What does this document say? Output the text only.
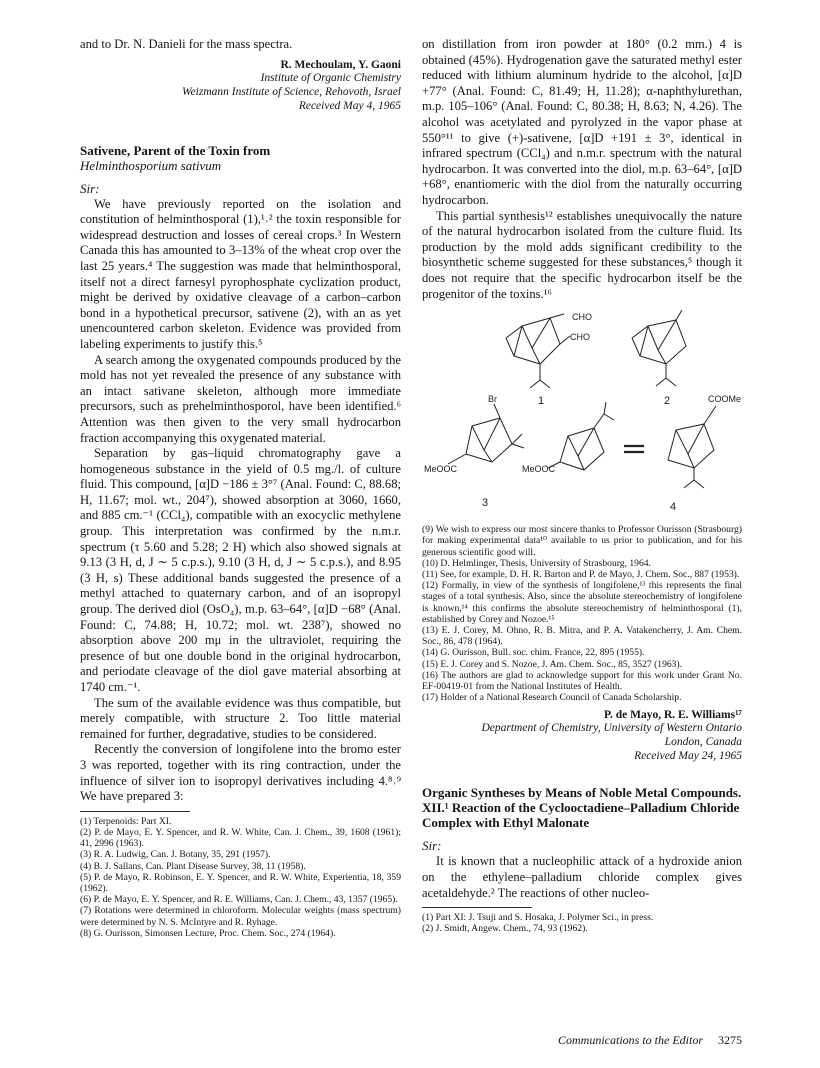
and to Dr. N. Danieli for the mass spectra.

R. Mechoulam, Y. Gaoni

Institute of Organic Chemistry

Weizmann Institute of Science, Rehovoth, Israel

Received May 4, 1965

Sativene, Parent of the Toxin from

Helminthosporium sativum

Sir:

We have previously reported on the isolation and constitution of helminthosporal (1),¹˒² the toxin responsible for widespread destruction and losses of cereal crops.³ In Western Canada this has amounted to 3–13% of the wheat crop over the last 25 years.⁴ The suggestion was made that helminthosporal, itself not a direct farnesyl pyrophosphate cyclization product, might be derived by oxidative cleavage of a carbon–carbon bond in a hypothetical precursor, sativene (2), with an as yet unencountered carbon skeleton. Evidence was provided from labeling experiments to justify this.⁵

A search among the oxygenated compounds produced by the mold has not yet revealed the presence of any substance with an intact sativane skeleton, although more immediate precursors, such as prehelminthosporol, have been identified.⁶ Attention was then given to the very small hydrocarbon fraction accompanying this oxygenated material.

Separation by gas–liquid chromatography gave a homogeneous substance in the yield of 0.5 mg./l. of culture fluid. This compound, [α]D −186 ± 3°⁷ (Anal. Found: C, 88.68; H, 11.67; mol. wt., 204⁷), showed absorption at 3060, 1660, and 885 cm.⁻¹ (CCl₄), compatible with an exocyclic methylene group. This interpretation was confirmed by the n.m.r. spectrum (τ 5.60 and 5.28; 2 H) which also showed signals at 9.13 (3 H, d, J ∼ 5 c.p.s.), 9.10 (3 H, d, J ∼ 5 c.p.s.), and 8.95 (3 H, s) These additional bands suggested the presence of a methyl attached to quaternary carbon, and of an isopropyl group. The derived diol (OsO₄), m.p. 63–64°, [α]D −68° (Anal. Found: C, 74.88; H, 10.72; mol. wt. 238⁷), showed no absorption above 200 mμ in the ultraviolet, requiring the presence of but one double bond in the original hydrocarbon, and periodate cleavage of the diol gave material absorbing at 1740 cm.⁻¹.

The sum of the available evidence was thus compatible, but merely compatible, with structure 2. Too little material remained for further, degradative, studies to be considered.

Recently the conversion of longifolene into the bromo ester 3 was reported, together with its ring contraction, under the influence of silver ion to isopropyl derivatives including 4.⁸˒⁹ We have prepared 3:

(1) Terpenoids: Part XI.
(2) P. de Mayo, E. Y. Spencer, and R. W. White, Can. J. Chem., 39, 1608 (1961); 41, 2996 (1963).
(3) R. A. Ludwig, Can. J. Botany, 35, 291 (1957).
(4) B. J. Sallans, Can. Plant Disease Survey, 38, 11 (1958).
(5) P. de Mayo, R. Robinson, E. Y. Spencer, and R. W. White, Experientia, 18, 359 (1962).
(6) P. de Mayo, E. Y. Spencer, and R. E. Williams, Can. J. Chem., 43, 1357 (1965).
(7) Rotations were determined in chloroform. Molecular weights (mass spectrum) were determined by N. S. McIntyre and R. Ryhage.
(8) G. Ourisson, Simonsen Lecture, Proc. Chem. Soc., 274 (1964).

on distillation from iron powder at 180° (0.2 mm.) 4 is obtained (45%). Hydrogenation gave the saturated methyl ester reduced with lithium aluminum hydride to the alcohol, [α]D +77° (Anal. Found: C, 81.49; H, 11.28); α-naphthylurethan, m.p. 105–106° (Anal. Found: C, 80.38; H, 8.63; N, 4.26). The alcohol was acetylated and pyrolyzed in the vapor phase at 550°¹¹ to give (+)-sativene, [α]D +191 ± 3°, identical in infrared spectrum (CCl₄) and n.m.r. spectrum with the natural hydrocarbon. It was converted into the diol, m.p. 63–64°, [α]D +68°, enantiomeric with the diol from the naturally occurring hydrocarbon.

This partial synthesis¹² establishes unequivocally the nature of the natural hydrocarbon isolated from the culture fluid. Its production by the mold adds significant credibility to the biosynthetic scheme suggested for these substances,⁵ though it does not require that the specific hydrocarbon itself be the progenitor of the toxins.¹⁶

CHO
CHO
Br
MeOOC	MeOOC
COOMe
1	2
3	4
(9) We wish to express our most sincere thanks to Professor Ourisson (Strasbourg) for making experimental data¹⁰ available to us prior to publication, and for his generous scientific good will.
(10) D. Helmlinger, Thesis, University of Strasbourg, 1964.
(11) See, for example, D. H. R. Barton and P. de Mayo, J. Chem. Soc., 887 (1953).
(12) Formally, in view of the synthesis of longifolene,¹³ this represents the final stages of a total synthesis. Also, since the absolute stereochemistry of longifolene is known,¹⁴ this confirms the absolute stereochemistry of helminthosporal (1), established by Corey and Nozoe.¹⁵
(13) E. J. Corey, M. Ohno, R. B. Mitra, and P. A. Vatakencherry, J. Am. Chem. Soc., 86, 478 (1964).
(14) G. Ourisson, Bull. soc. chim. France, 22, 895 (1955).
(15) E. J. Corey and S. Nozoe, J. Am. Chem. Soc., 85, 3527 (1963).
(16) The authors are glad to acknowledge support for this work under Grant No. EF-00419-01 from the National Institutes of Health.
(17) Holder of a National Research Council of Canada Scholarship.

P. de Mayo, R. E. Williams¹⁷

Department of Chemistry, University of Western Ontario

London, Canada

Received May 24, 1965

Organic Syntheses by Means of Noble Metal Compounds. XII.¹ Reaction of the Cyclooctadiene–Palladium Chloride Complex with Ethyl Malonate

Sir:

It is known that a nucleophilic attack of a hydroxide anion on the ethylene–palladium chloride complex gives acetaldehyde.² The reactions of other nucleo-

(1) Part XI: J. Tsuji and S. Hosaka, J. Polymer Sci., in press.
(2) J. Smidt, Angew. Chem., 74, 93 (1962).
Communications to the Editor 3275
